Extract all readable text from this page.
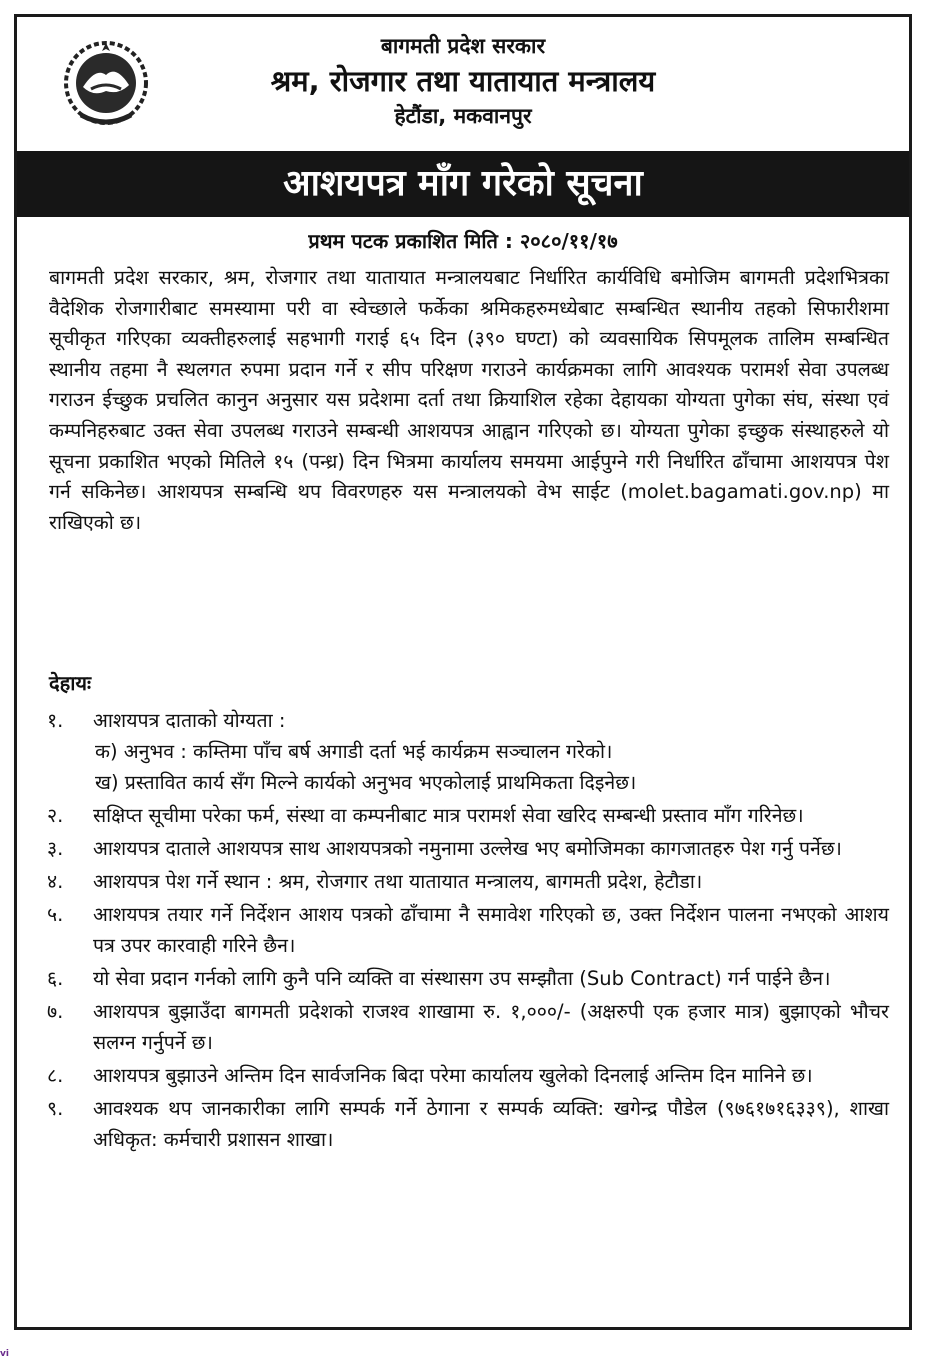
बागमती प्रदेश सरकार
श्रम, रोजगार तथा यातायात मन्त्रालय
हेटौंडा, मकवानपुर
आशयपत्र माँग गरेको सूचना
प्रथम पटक प्रकाशित मिति : २०८०/११/१७
बागमती प्रदेश सरकार, श्रम, रोजगार तथा यातायात मन्त्रालयबाट निर्धारित कार्यविधि बमोजिम बागमती प्रदेशभित्रका वैदेशिक रोजगारीबाट समस्यामा परी वा स्वेच्छाले फर्केका श्रमिकहरुमध्येबाट सम्बन्धित स्थानीय तहको सिफारीशमा सूचीकृत गरिएका व्यक्तीहरुलाई सहभागी गराई ६५ दिन (३९० घण्टा) को व्यवसायिक सिपमूलक तालिम सम्बन्धित स्थानीय तहमा नै स्थलगत रुपमा प्रदान गर्ने र सीप परिक्षण गराउने कार्यक्रमका लागि आवश्यक परामर्श सेवा उपलब्ध गराउन ईच्छुक प्रचलित कानुन अनुसार यस प्रदेशमा दर्ता तथा क्रियाशिल रहेका देहायका योग्यता पुगेका संघ, संस्था एवं कम्पनिहरुबाट उक्त सेवा उपलब्ध गराउने सम्बन्धी आशयपत्र आह्वान गरिएको छ। योग्यता पुगेका इच्छुक संस्थाहरुले यो सूचना प्रकाशित भएको मितिले १५ (पन्ध्र) दिन भित्रमा कार्यालय समयमा आईपुग्ने गरी निर्धारित ढाँचामा आशयपत्र पेश गर्न सकिनेछ। आशयपत्र सम्बन्धि थप विवरणहरु यस मन्त्रालयको वेभ साईट (molet.bagamati.gov.np) मा राखिएको छ।
देहायः
१. आशयपत्र दाताको योग्यता :
क) अनुभव : कम्तिमा पाँच बर्ष अगाडी दर्ता भई कार्यक्रम सञ्चालन गरेको।
ख) प्रस्तावित कार्य सँग मिल्ने कार्यको अनुभव भएकोलाई प्राथमिकता दिइनेछ।
२. सक्षिप्त सूचीमा परेका फर्म, संस्था वा कम्पनीबाट मात्र परामर्श सेवा खरिद सम्बन्धी प्रस्ताव माँग गरिनेछ।
३. आशयपत्र दाताले आशयपत्र साथ आशयपत्रको नमुनामा उल्लेख भए बमोजिमका कागजातहरु पेश गर्नु पर्नेछ।
४. आशयपत्र पेश गर्ने स्थान : श्रम, रोजगार तथा यातायात मन्त्रालय, बागमती प्रदेश, हेटौडा।
५. आशयपत्र तयार गर्ने निर्देशन आशय पत्रको ढाँचामा नै समावेश गरिएको छ, उक्त निर्देशन पालना नभएको आशय पत्र उपर कारवाही गरिने छैन।
६. यो सेवा प्रदान गर्नको लागि कुनै पनि व्यक्ति वा संस्थासग उप सम्झौता (Sub Contract) गर्न पाईने छैन।
७. आशयपत्र बुझाउँदा बागमती प्रदेशको राजश्व शाखामा रु. १,०००/- (अक्षरुपी एक हजार मात्र) बुझाएको भौचर सलग्न गर्नुपर्ने छ।
८. आशयपत्र बुझाउने अन्तिम दिन सार्वजनिक बिदा परेमा कार्यालय खुलेको दिनलाई अन्तिम दिन मानिने छ।
९. आवश्यक थप जानकारीका लागि सम्पर्क गर्ने ठेगाना र सम्पर्क व्यक्ति: खगेन्द्र पौडेल (९७६१७१६३३९), शाखा अधिकृत: कर्मचारी प्रशासन शाखा।
vi
